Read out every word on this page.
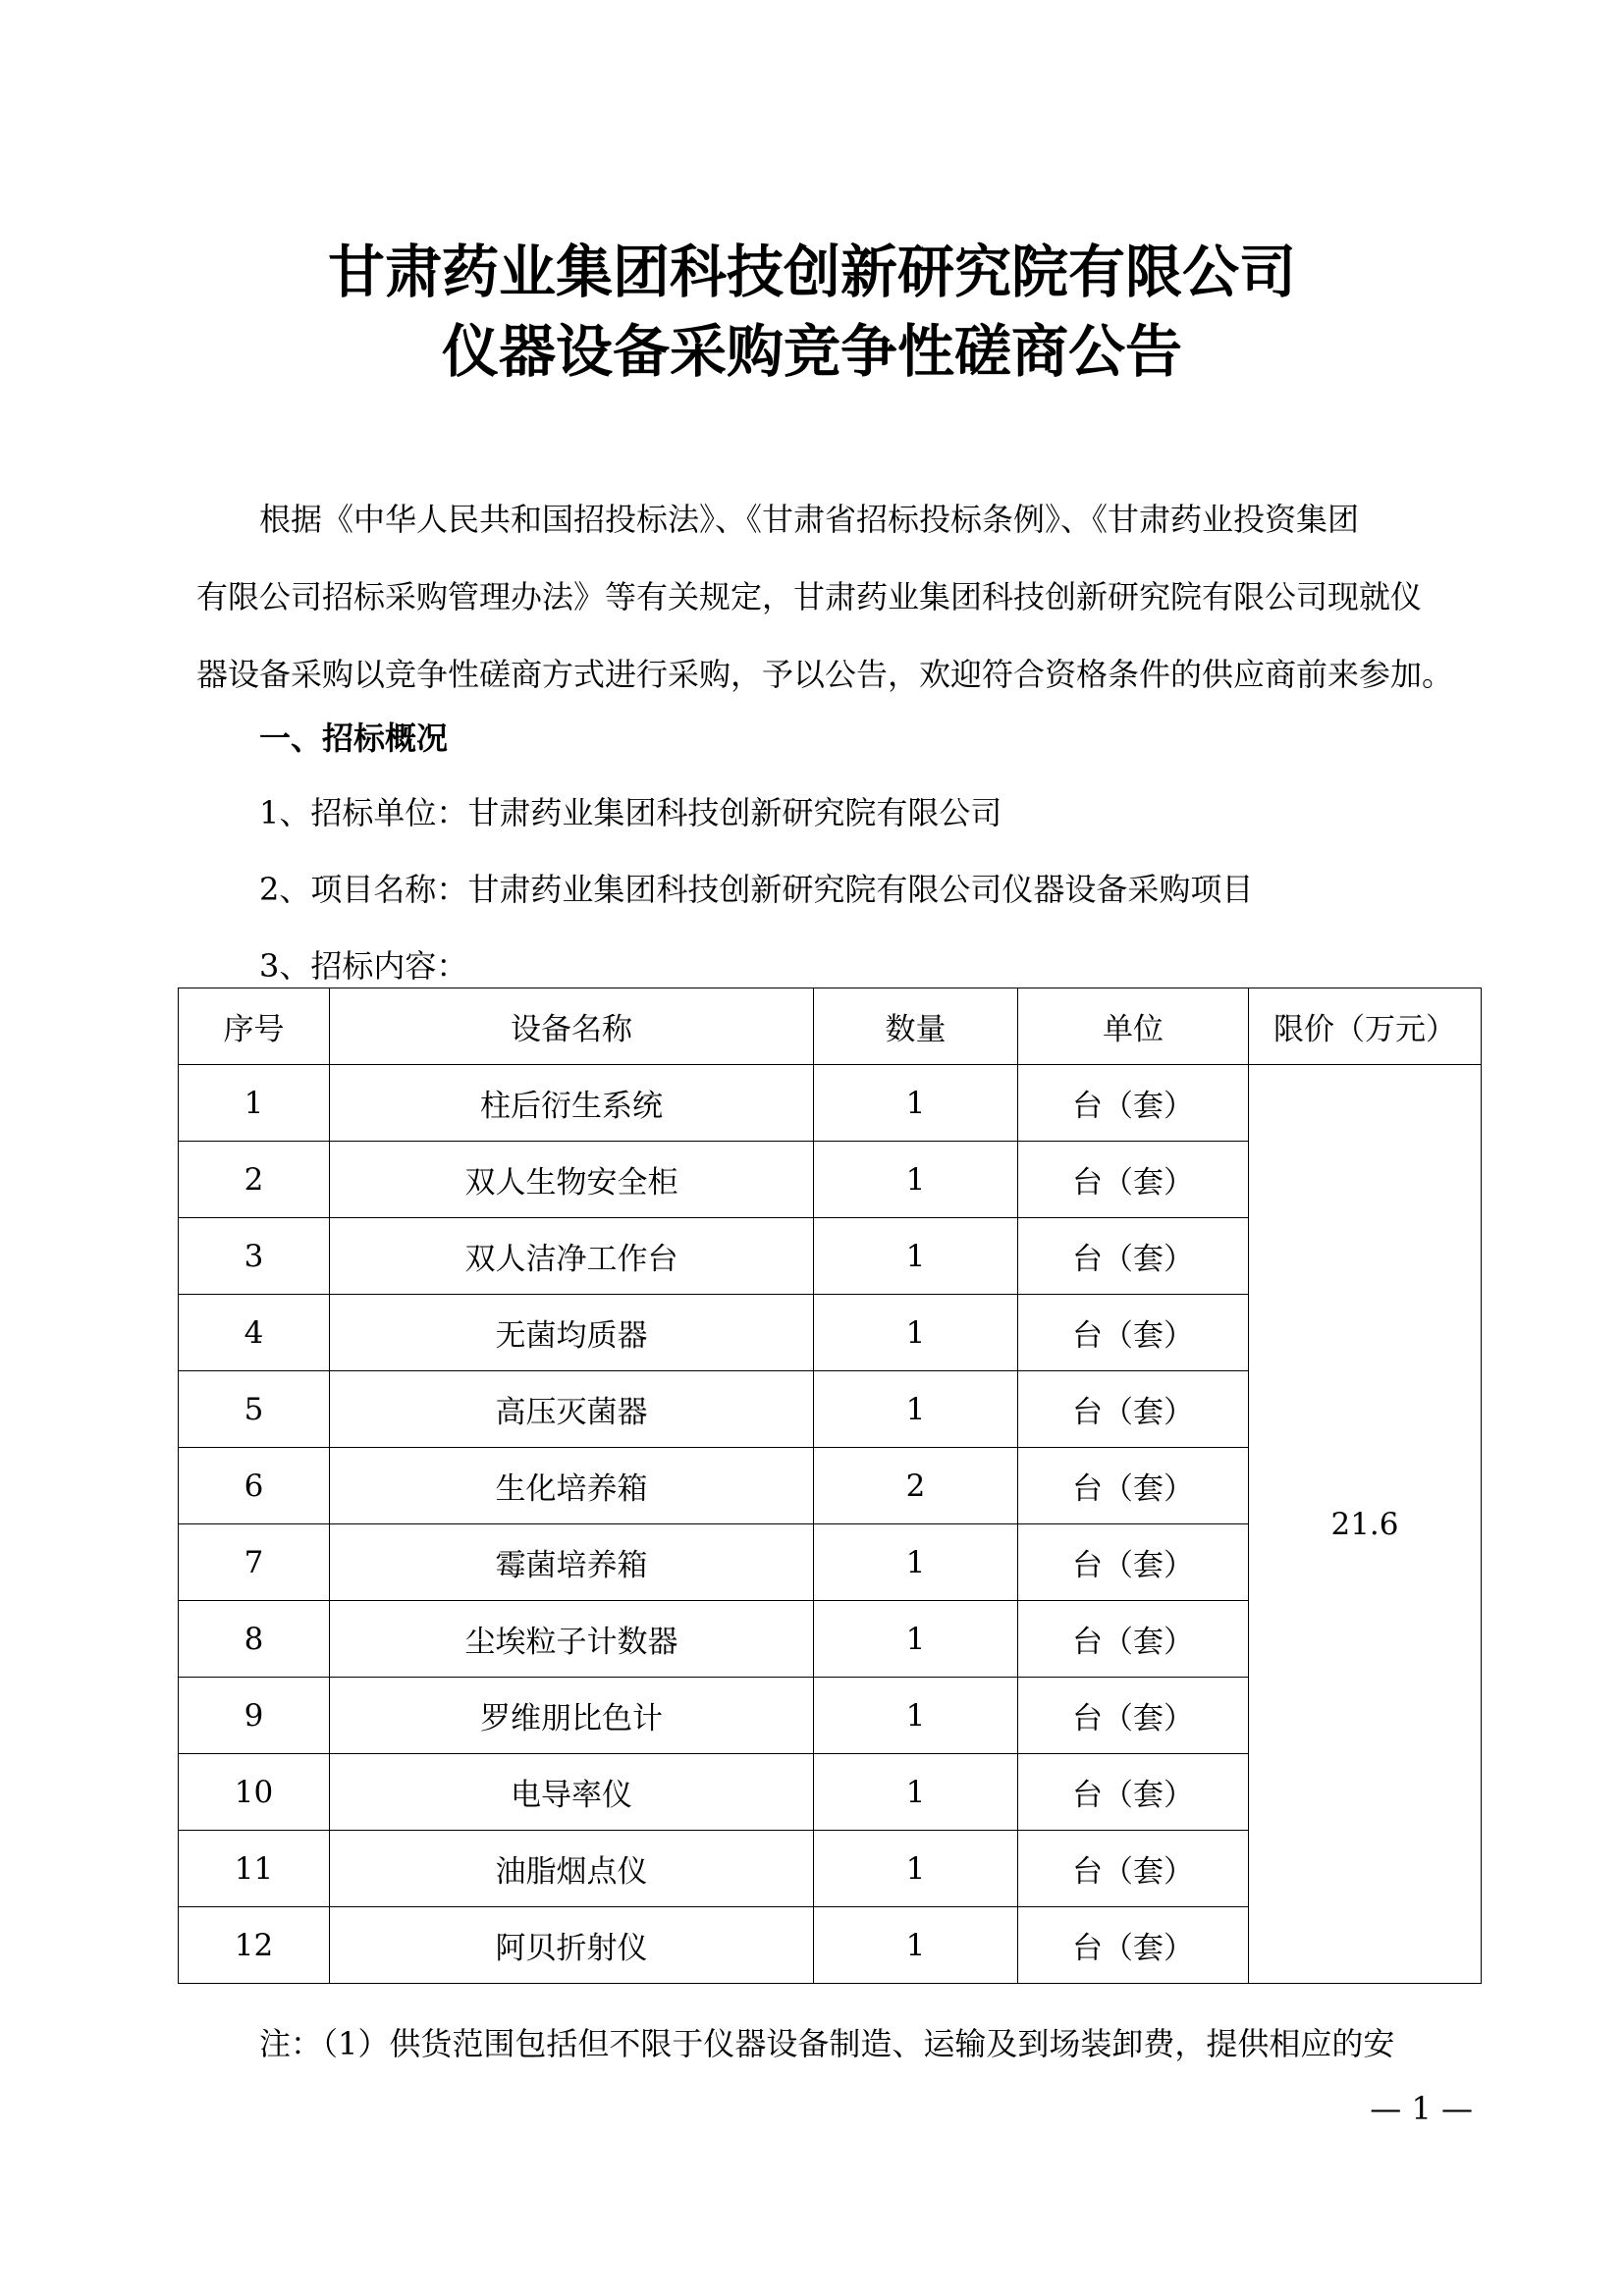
甘肃药业集团科技创新研究院有限公司
仪器设备采购竞争性磋商公告
根据《中华人民共和国招投标法》、《甘肃省招标投标条例》、《甘肃药业投资集团
有限公司招标采购管理办法》等有关规定，甘肃药业集团科技创新研究院有限公司现就仪
器设备采购以竞争性磋商方式进行采购，予以公告，欢迎符合资格条件的供应商前来参加。
一、招标概况
1、招标单位：甘肃药业集团科技创新研究院有限公司
2、项目名称：甘肃药业集团科技创新研究院有限公司仪器设备采购项目
3、招标内容：
序号	设备名称	数量	单位	限价（万元）
1	柱后衍生系统	1	台（套）	21.6
2	双人生物安全柜	1	台（套）	
3	双人洁净工作台	1	台（套）	
4	无菌均质器	1	台（套）	
5	高压灭菌器	1	台（套）	
6	生化培养箱	2	台（套）	
7	霉菌培养箱	1	台（套）	
8	尘埃粒子计数器	1	台（套）	
9	罗维朋比色计	1	台（套）	
10	电导率仪	1	台（套）	
11	油脂烟点仪	1	台（套）	
12	阿贝折射仪	1	台（套）	
注：（1）供货范围包括但不限于仪器设备制造、运输及到场装卸费，提供相应的安
— 1 —
